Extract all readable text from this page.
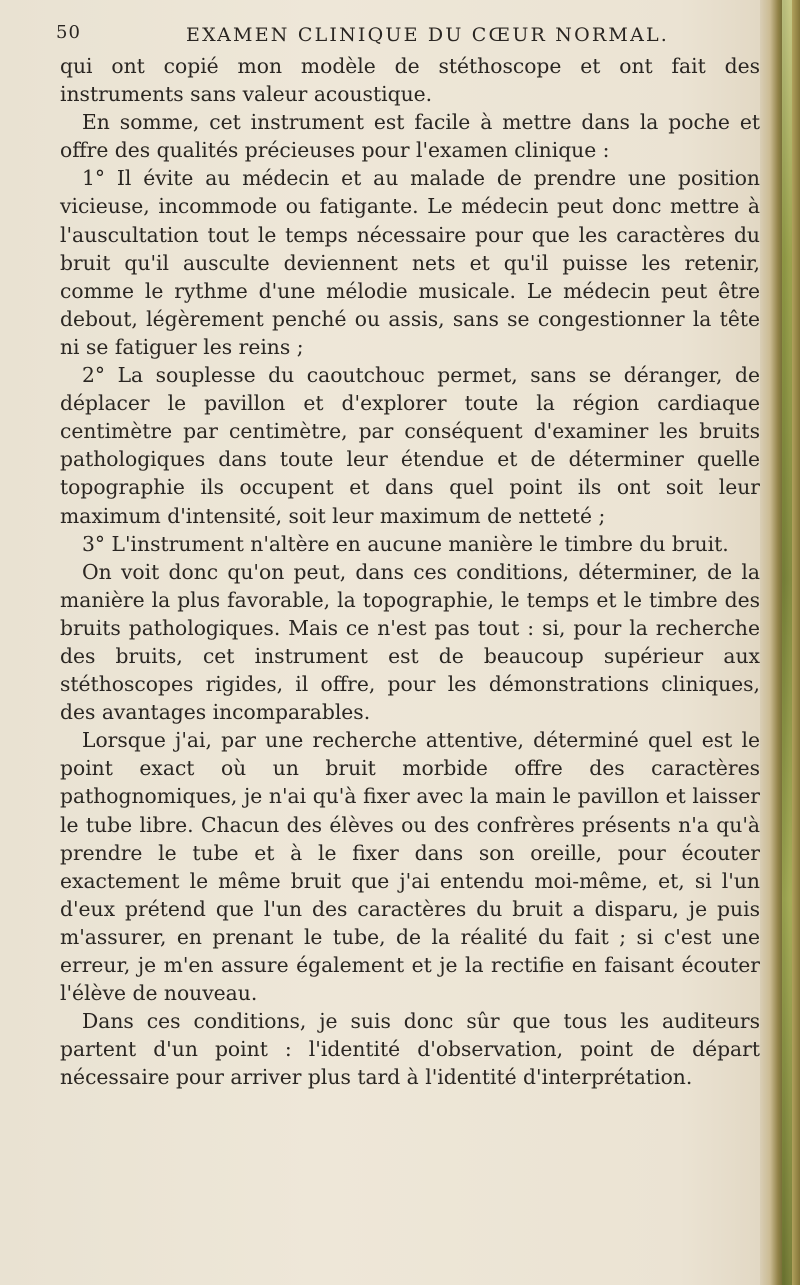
50	EXAMEN CLINIQUE DU CŒUR NORMAL.

qui ont copié mon modèle de stéthoscope et ont fait des instruments sans valeur acoustique.

En somme, cet instrument est facile à mettre dans la poche et offre des qualités précieuses pour l'examen clinique :

1° Il évite au médecin et au malade de prendre une position vicieuse, incommode ou fatigante. Le médecin peut donc mettre à l'auscultation tout le temps nécessaire pour que les caractères du bruit qu'il ausculte deviennent nets et qu'il puisse les retenir, comme le rythme d'une mélodie musicale. Le médecin peut être debout, légèrement penché ou assis, sans se congestionner la tête ni se fatiguer les reins ;

2° La souplesse du caoutchouc permet, sans se déranger, de déplacer le pavillon et d'explorer toute la région cardiaque centimètre par centimètre, par conséquent d'examiner les bruits pathologiques dans toute leur étendue et de déterminer quelle topographie ils occupent et dans quel point ils ont soit leur maximum d'intensité, soit leur maximum de netteté ;

3° L'instrument n'altère en aucune manière le timbre du bruit.

On voit donc qu'on peut, dans ces conditions, déterminer, de la manière la plus favorable, la topographie, le temps et le timbre des bruits pathologiques. Mais ce n'est pas tout : si, pour la recherche des bruits, cet instrument est de beaucoup supérieur aux stéthoscopes rigides, il offre, pour les démonstrations cliniques, des avantages incomparables.

Lorsque j'ai, par une recherche attentive, déterminé quel est le point exact où un bruit morbide offre des caractères pathognomiques, je n'ai qu'à fixer avec la main le pavillon et laisser le tube libre. Chacun des élèves ou des confrères présents n'a qu'à prendre le tube et à le fixer dans son oreille, pour écouter exactement le même bruit que j'ai entendu moi-même, et, si l'un d'eux prétend que l'un des caractères du bruit a disparu, je puis m'assurer, en prenant le tube, de la réalité du fait ; si c'est une erreur, je m'en assure également et je la rectifie en faisant écouter l'élève de nouveau.

Dans ces conditions, je suis donc sûr que tous les auditeurs partent d'un point : l'identité d'observation, point de départ nécessaire pour arriver plus tard à l'identité d'interprétation.
